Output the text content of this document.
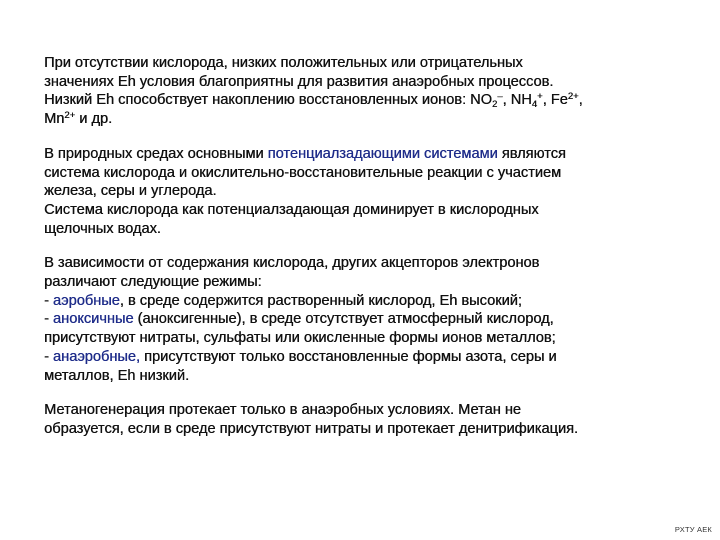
При отсутствии кислорода, низких положительных или отрицательных
значениях Eh условия благоприятны для развития анаэробных процессов.
Низкий Eh способствует накоплению восстановленных ионов: $NO_2^-$, $NH_4^+$, $Fe^{2+}$,
$Mn^{2+}$ и др.

В природных средах основными потенциалзадающими системами являются
система кислорода и окислительно-восстановительные реакции с участием
железа, серы и углерода.
Система кислорода как потенциалзадающая доминирует в кислородных
щелочных водах.

В зависимости от содержания кислорода, других акцепторов электронов
различают следующие режимы:
- аэробные, в среде содержится растворенный кислород, Eh высокий;
- аноксичные (аноксигенные), в среде отсутствует атмосферный кислород,
присутствуют нитраты, сульфаты или окисленные формы ионов металлов;
- анаэробные, присутствуют только восстановленные формы азота, серы и
металлов, Eh низкий.

Метаногенерация протекает только в анаэробных условиях. Метан не
образуется, если в среде присутствуют нитраты и протекает денитрификация.

РХТУ АЕК
